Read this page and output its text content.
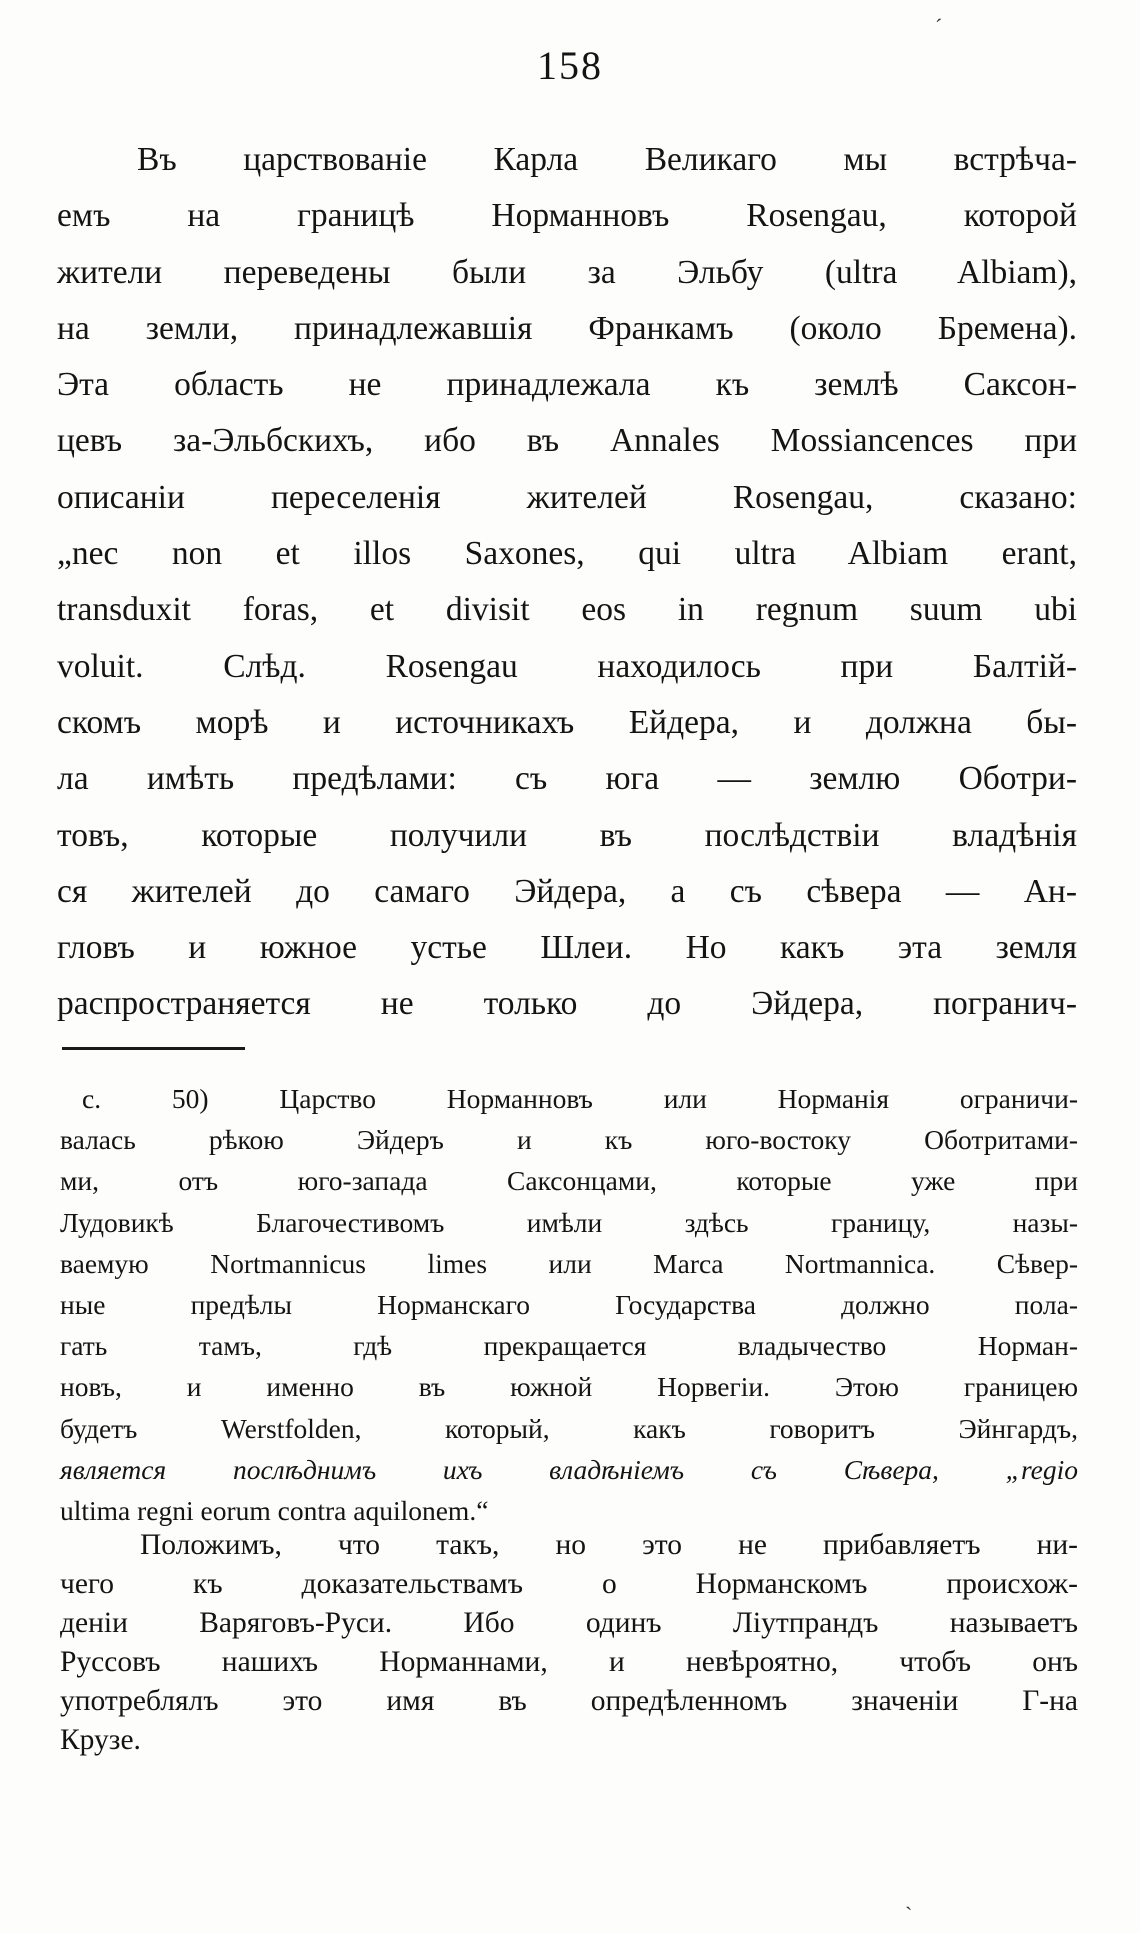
158
Въ царствованіе Карла Великаго мы встрѣча-
емъ на границѣ Норманновъ Rosengau, которой
жители переведены были за Эльбу (ultra Albiam),
на земли, принадлежавшія Франкамъ (около Бремена).
Эта область не принадлежала къ землѣ Саксон-
цевъ за-Эльбскихъ, ибо въ Annales Mossiancences при
описаніи переселенія жителей Rosengau, сказано:
„nec non et illos Saxones, qui ultra Albiam erant,
transduxit foras, et divisit eos in regnum suum ubi
voluit. Слѣд. Rosengau находилось при Балтій-
скомъ морѣ и источникахъ Ейдера, и должна бы-
ла имѣть предѣлами: съ юга — землю Оботри-
товъ, которые получили въ послѣдствіи владѣнія
ся жителей до самаго Эйдера, а съ сѣвера — Ан-
гловъ и южное устье Шлеи. Но какъ эта земля
распространяется не только до Эйдера, погранич-
с. 50) Царство Норманновъ или Норманія ограничи-
валась рѣкою Эйдеръ и къ юго-востоку Оботритами-
ми, отъ юго-запада Саксонцами, которые уже при
Лудовикѣ Благочестивомъ имѣли здѣсь границу, назы-
ваемую Nortmannicus limes или Marca Nortmannica. Сѣвер-
ные предѣлы Норманскаго Государства должно пола-
гать тамъ, гдѣ прекращается владычество Норман-
новъ, и именно въ южной Норвегіи. Этою границею
будетъ Werstfolden, который, какъ говоритъ Эйнгардъ,
является послѣднимъ ихъ владѣніемъ съ Сѣвера, „regio
ultima regni eorum contra aquilonem.“
Положимъ, что такъ, но это не прибавляетъ ни-
чего къ доказательствамъ о Норманскомъ происхож-
деніи Варяговъ-Руси. Ибо одинъ Ліутпрандъ называетъ
Руссовъ нашихъ Норманнами, и невѣроятно, чтобъ онъ
употреблялъ это имя въ опредѣленномъ значеніи Г-на
Крузе.
ˊ
ˏ
